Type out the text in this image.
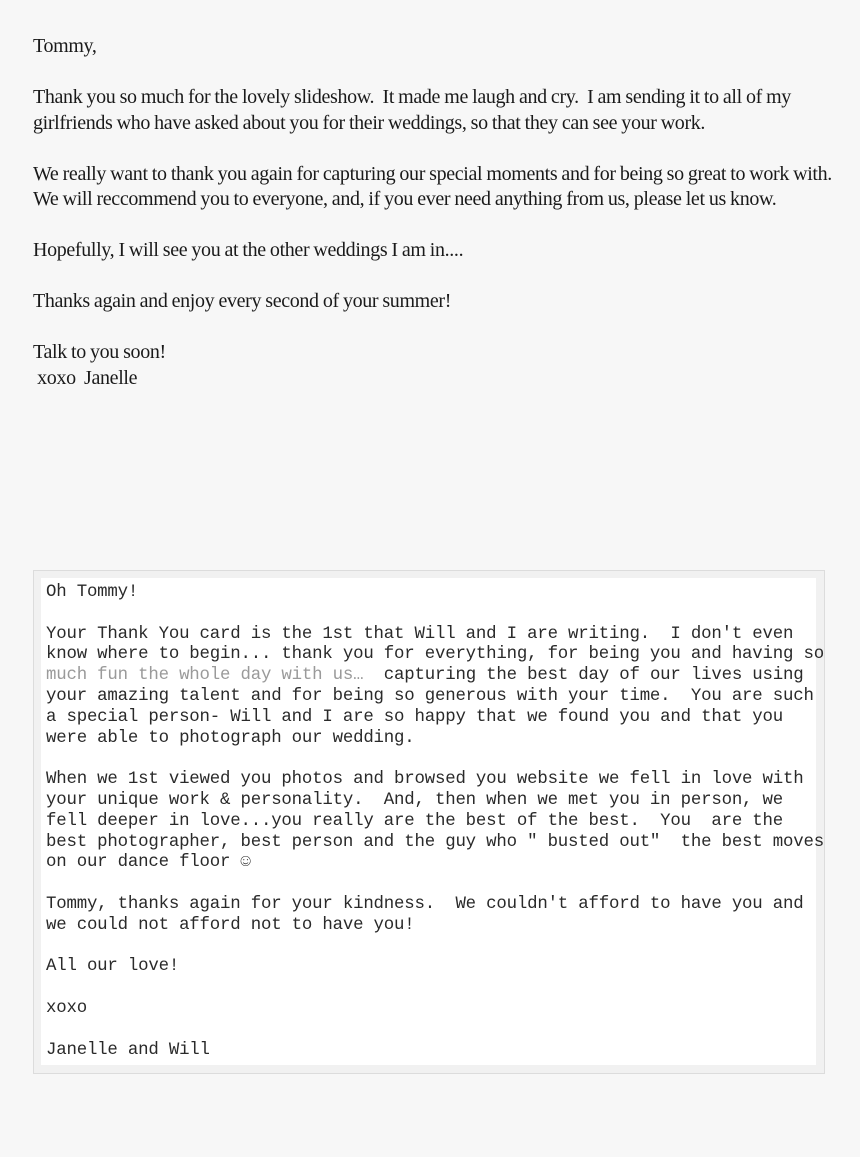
Tommy,

Thank you so much for the lovely slideshow.  It made me laugh and cry.  I am sending it to all of my girlfriends who have asked about you for their weddings, so that they can see your work.

We really want to thank you again for capturing our special moments and for being so great to work with.  We will reccommend you to everyone, and, if you ever need anything from us, please let us know.

Hopefully, I will see you at the other weddings I am in....

Thanks again and enjoy every second of your summer!

Talk to you soon!

xoxo  Janelle

Oh Tommy!

Your Thank You card is the 1st that Will and I are writing.  I don't even know where to begin... thank you for everything, for being you and having so much fun the whole day with us…  capturing the best day of our lives using your amazing talent and for being so generous with your time.  You are such a special person- Will and I are so happy that we found you and that you were able to photograph our wedding.

When we 1st viewed you photos and browsed you website we fell in love with your unique work & personality.  And, then when we met you in person, we fell deeper in love...you really are the best of the best.  You  are the best photographer, best person and the guy who " busted out"  the best moves on our dance floor ☺

Tommy, thanks again for your kindness.  We couldn't afford to have you and we could not afford not to have you!

All our love!

xoxo

Janelle and Will
